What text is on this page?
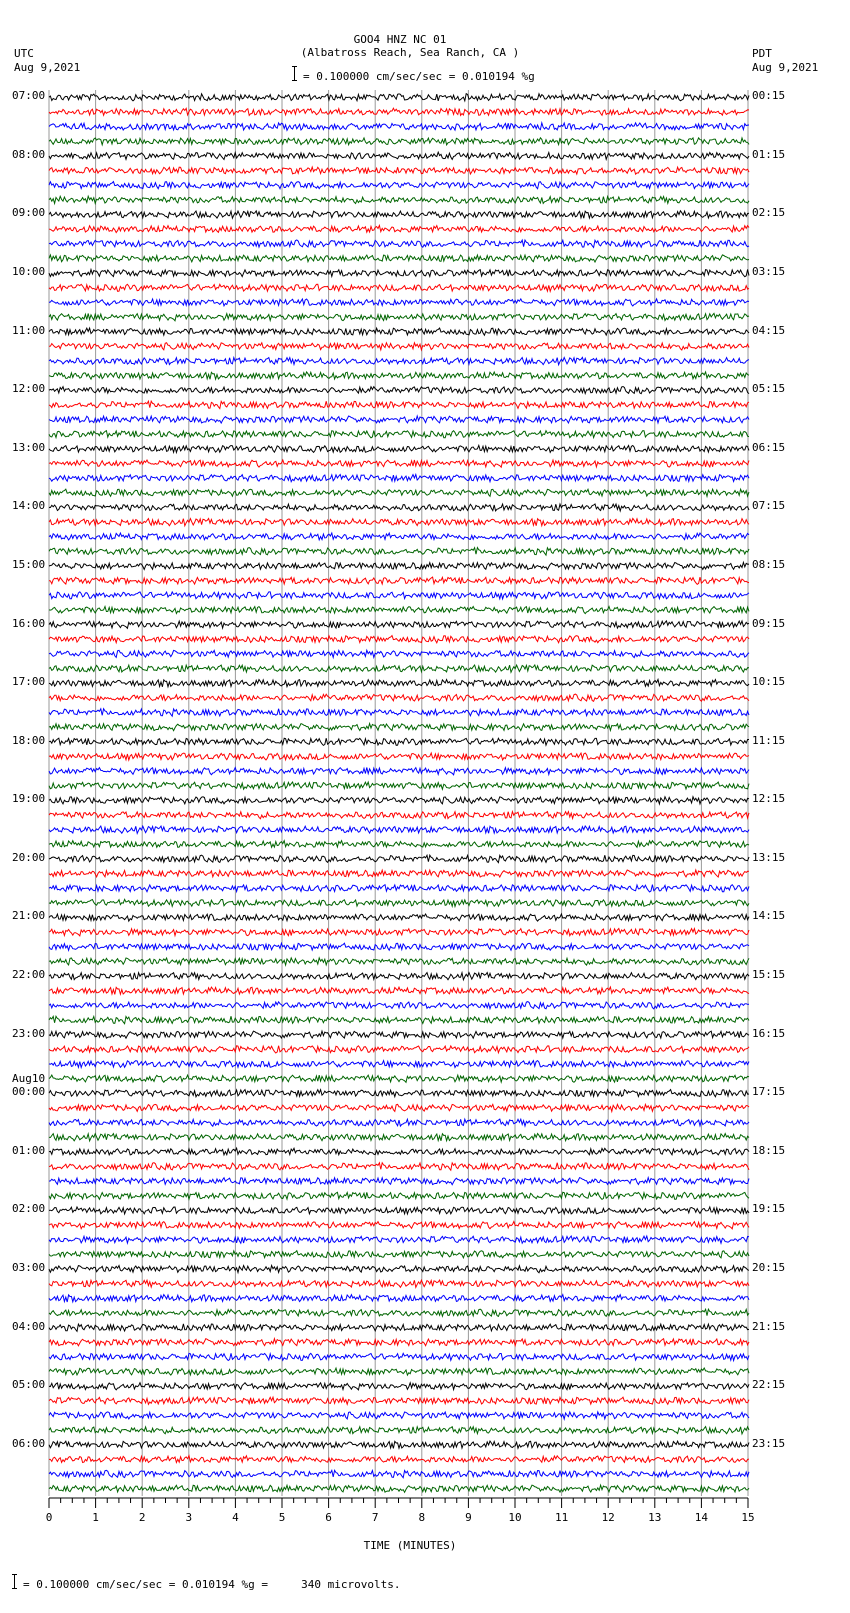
GOO4 HNZ NC 01
(Albatross Reach, Sea Ranch, CA )
UTC
Aug 9,2021
PDT
Aug 9,2021
= 0.100000 cm/sec/sec = 0.010194 %g
0	1	2	3	4	5	6	7	8	9	10	11	12	13	14	15
07:00	00:15
08:00	01:15
09:00	02:15
10:00	03:15
11:00	04:15
12:00	05:15
13:00	06:15
14:00	07:15
15:00	08:15
16:00	09:15
17:00	10:15
18:00	11:15
19:00	12:15
20:00	13:15
21:00	14:15
22:00	15:15
23:00	16:15
00:00	17:15
Aug10
01:00	18:15
02:00	19:15
03:00	20:15
04:00	21:15
05:00	22:15
06:00	23:15
TIME (MINUTES)
= 0.100000 cm/sec/sec = 0.010194 %g =     340 microvolts.
